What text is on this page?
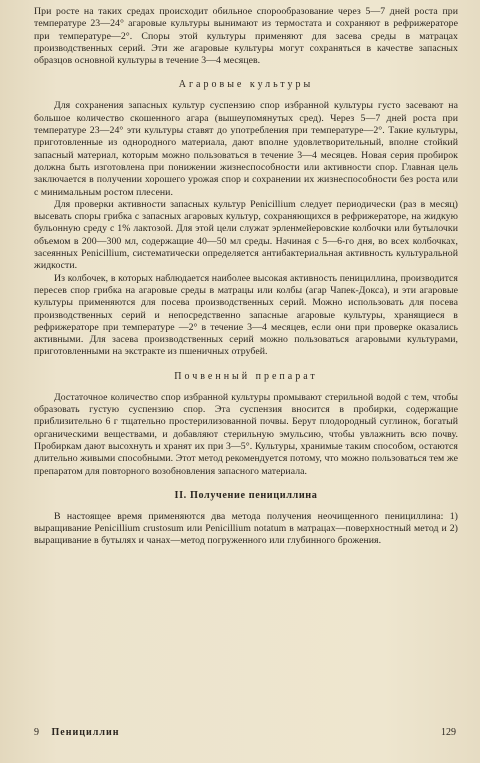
При росте на таких средах происходит обильное спорообразование через 5—7 дней роста при температуре 23—24° агаровые культуры вынимают из термостата и сохраняют в рефрижераторе при температуре—2°. Споры этой культуры применяют для засева среды в матрацах производственных серий. Эти же агаровые культуры могут сохраняться в качестве запасных образцов основной культуры в течение 3—4 месяцев.

Агаровые культуры

Для сохранения запасных культур суспензию спор избранной культуры густо засевают на большое количество скошенного агара (вышеупомянутых сред). Через 5—7 дней роста при температуре 23—24° эти культуры ставят до употребления при температуре—2°. Такие культуры, приготовленные из однородного материала, дают вполне удовлетворительный, вполне стойкий запасный материал, которым можно пользоваться в течение 3—4 месяцев. Новая серия пробирок должна быть изготовлена при понижении жизнеспособности или активности спор. Главная цель заключается в получении хорошего урожая спор и сохранении их жизнеспособности без роста или с минимальным ростом плесени.

Для проверки активности запасных культур Penicillium следует периодически (раз в месяц) высевать споры грибка с запасных агаровых культур, сохраняющихся в рефрижераторе, на жидкую бульонную среду с 1% лактозой. Для этой цели служат эрленмейеровские колбочки или бутылочки объемом в 200—300 мл, содержащие 40—50 мл среды. Начиная с 5—6-го дня, во всех колбочках, засеянных Penicillium, систематически определяется антибактериальная активность культуральной жидкости.

Из колбочек, в которых наблюдается наиболее высокая активность пенициллина, производится пересев спор грибка на агаровые среды в матрацы или колбы (агар Чапек-Докса), и эти агаровые культуры применяются для посева производственных серий. Можно использовать для посева производственных серий и непосредственно запасные агаровые культуры, хранящиеся в рефрижераторе при температуре —2° в течение 3—4 месяцев, если они при проверке оказались активными. Для засева производственных серий можно пользоваться агаровыми культурами, приготовленными на экстракте из пшеничных отрубей.

Почвенный препарат

Достаточное количество спор избранной культуры промывают стерильной водой с тем, чтобы образовать густую суспензию спор. Эта суспензия вносится в пробирки, содержащие приблизительно 6 г тщательно простерилизованной почвы. Берут плодородный суглинок, богатый органическими веществами, и добавляют стерильную эмульсию, чтобы увлажнить всю почву. Пробиркам дают высохнуть и хранят их при 3—5°. Культуры, хранимые таким способом, остаются длительно живыми способными. Этот метод рекомендуется потому, что можно пользоваться тем же препаратом для повторного возобновления запасного материала.

II. Получение пенициллина

В настоящее время применяются два метода получения неочищенного пенициллина: 1) выращивание Penicillium crustosum или Penicillium notatum в матрацах—поверхностный метод и 2) выращивание в бутылях и чанах—метод погруженного или глубинного брожения.

9 Пенициллин	129
